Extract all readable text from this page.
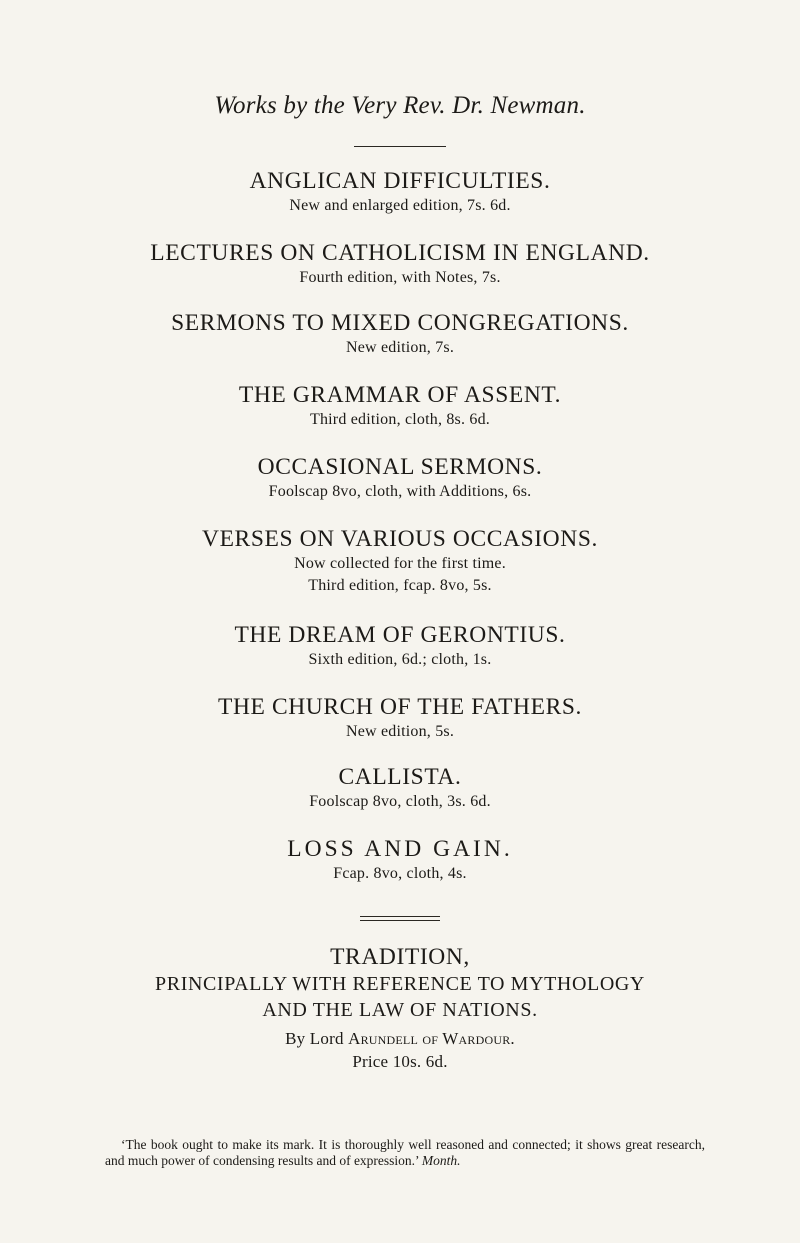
Works by the Very Rev. Dr. Newman.
ANGLICAN DIFFICULTIES.
New and enlarged edition, 7s. 6d.
LECTURES ON CATHOLICISM IN ENGLAND.
Fourth edition, with Notes, 7s.
SERMONS TO MIXED CONGREGATIONS.
New edition, 7s.
THE GRAMMAR OF ASSENT.
Third edition, cloth, 8s. 6d.
OCCASIONAL SERMONS.
Foolscap 8vo, cloth, with Additions, 6s.
VERSES ON VARIOUS OCCASIONS.
Now collected for the first time.
Third edition, fcap. 8vo, 5s.
THE DREAM OF GERONTIUS.
Sixth edition, 6d.; cloth, 1s.
THE CHURCH OF THE FATHERS.
New edition, 5s.
CALLISTA.
Foolscap 8vo, cloth, 3s. 6d.
LOSS AND GAIN.
Fcap. 8vo, cloth, 4s.
TRADITION,
PRINCIPALLY WITH REFERENCE TO MYTHOLOGY
AND THE LAW OF NATIONS.
By Lord Arundell of Wardour.
Price 10s. 6d.
‘The book ought to make its mark. It is thoroughly well reasoned and connected; it shows great research, and much power of condensing results and of expression.’ Month.
